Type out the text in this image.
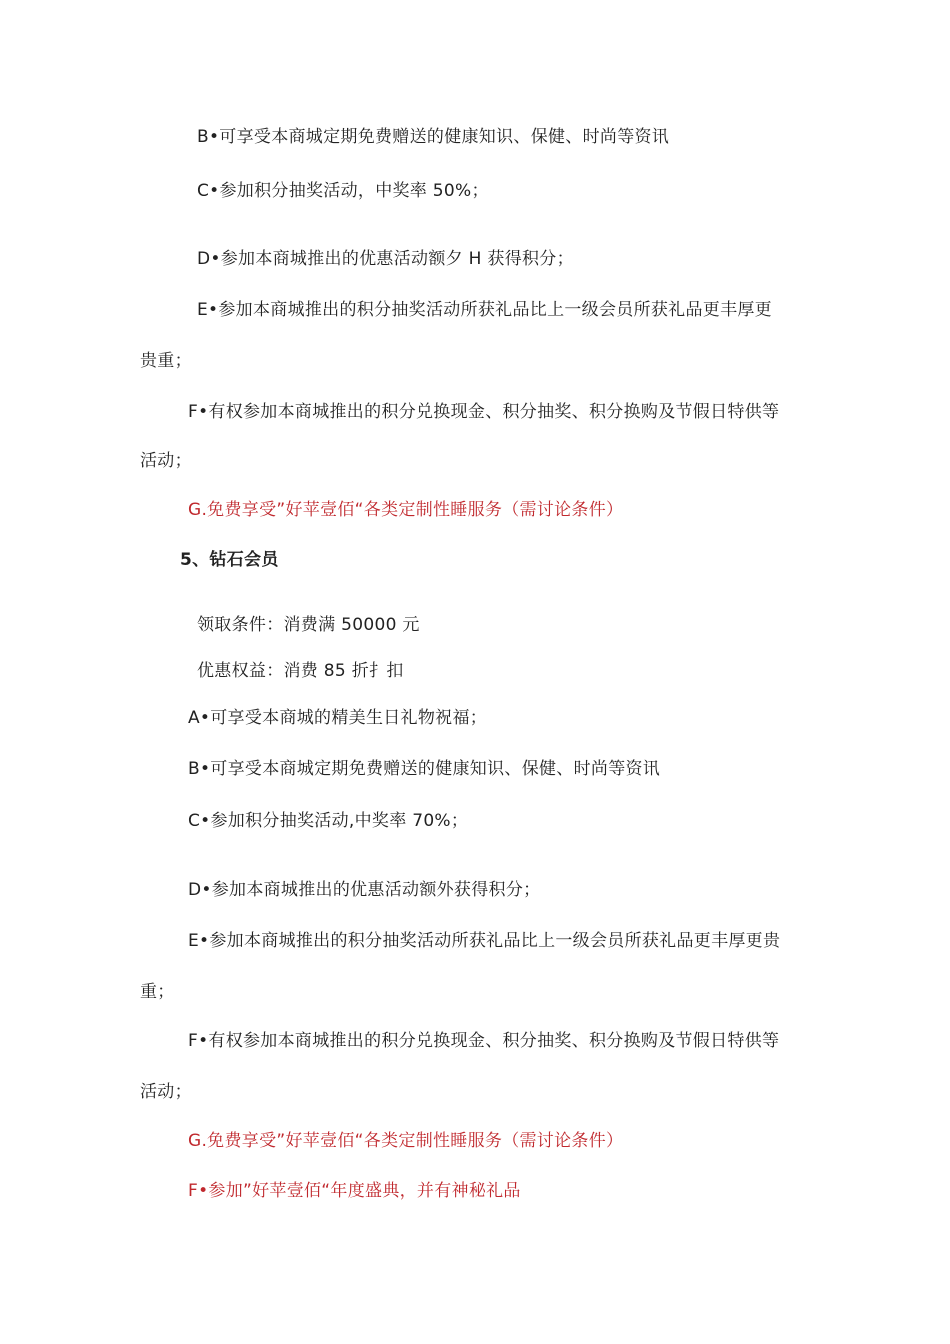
B•可享受本商城定期免费赠送的健康知识、保健、时尚等资讯
C•参加积分抽奖活动，中奖率 50%；
D•参加本商城推出的优惠活动额夕 H 获得积分；
E•参加本商城推出的积分抽奖活动所获礼品比上一级会员所获礼品更丰厚更
贵重；
F•有权参加本商城推出的积分兑换现金、积分抽奖、积分换购及节假日特供等
活动；
G.免费享受”好苹壹佰“各类定制性睡服务（需讨论条件）
5、钻石会员
领取条件：消费满 50000 元
优惠权益：消费 85 折扌扣
A•可享受本商城的精美生日礼物祝福；
B•可享受本商城定期免费赠送的健康知识、保健、时尚等资讯
C•参加积分抽奖活动,中奖率 70%；
D•参加本商城推出的优惠活动额外获得积分；
E•参加本商城推出的积分抽奖活动所获礼品比上一级会员所获礼品更丰厚更贵
重；
F•有权参加本商城推出的积分兑换现金、积分抽奖、积分换购及节假日特供等
活动；
G.免费享受”好苹壹佰“各类定制性睡服务（需讨论条件）
F•参加”好苹壹佰“年度盛典，并有神秘礼品
